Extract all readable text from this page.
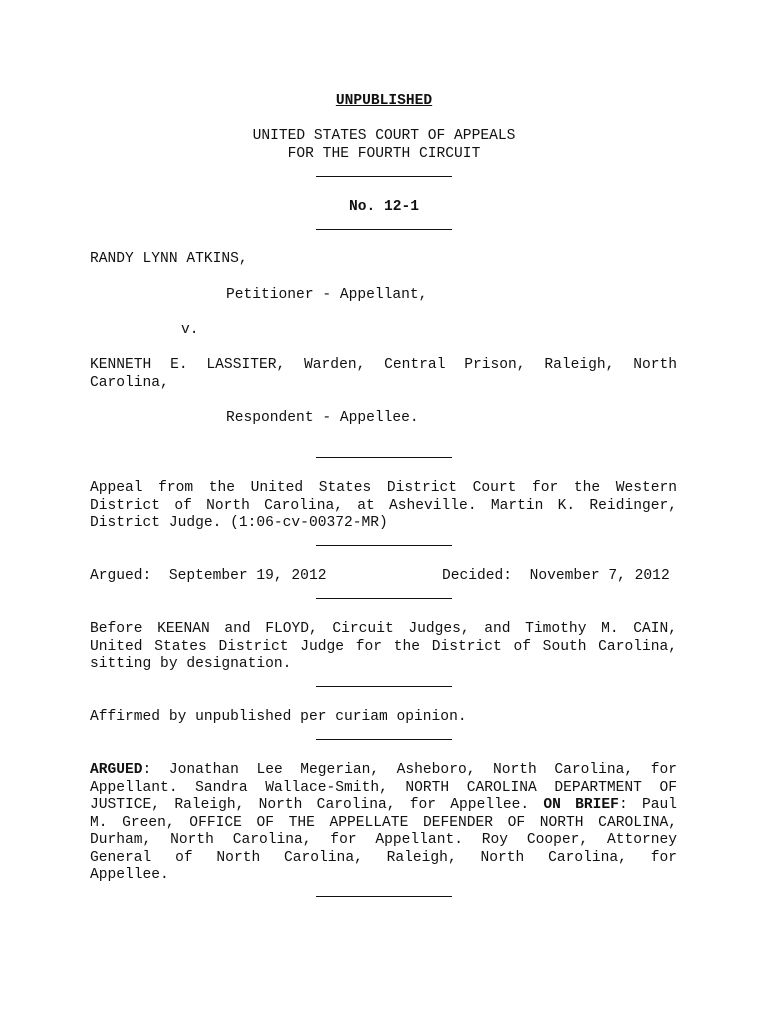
UNPUBLISHED
UNITED STATES COURT OF APPEALS
FOR THE FOURTH CIRCUIT
No. 12-1
RANDY LYNN ATKINS,
Petitioner - Appellant,
v.
KENNETH E. LASSITER, Warden, Central Prison, Raleigh, North
Carolina,
Respondent - Appellee.
Appeal from the United States District Court for the Western
District of North Carolina, at Asheville. Martin K. Reidinger,
District Judge. (1:06-cv-00372-MR)
Argued:  September 19, 2012	Decided:  November 7, 2012
Before KEENAN and FLOYD, Circuit Judges, and Timothy M. CAIN,
United States District Judge for the District of South Carolina,
sitting by designation.
Affirmed by unpublished per curiam opinion.
ARGUED: Jonathan Lee Megerian, Asheboro, North Carolina, for
Appellant. Sandra Wallace-Smith, NORTH CAROLINA DEPARTMENT OF
JUSTICE, Raleigh, North Carolina, for Appellee. ON BRIEF: Paul
M. Green, OFFICE OF THE APPELLATE DEFENDER OF NORTH CAROLINA,
Durham, North Carolina, for Appellant. Roy Cooper, Attorney
General of North Carolina, Raleigh, North Carolina, for
Appellee.
